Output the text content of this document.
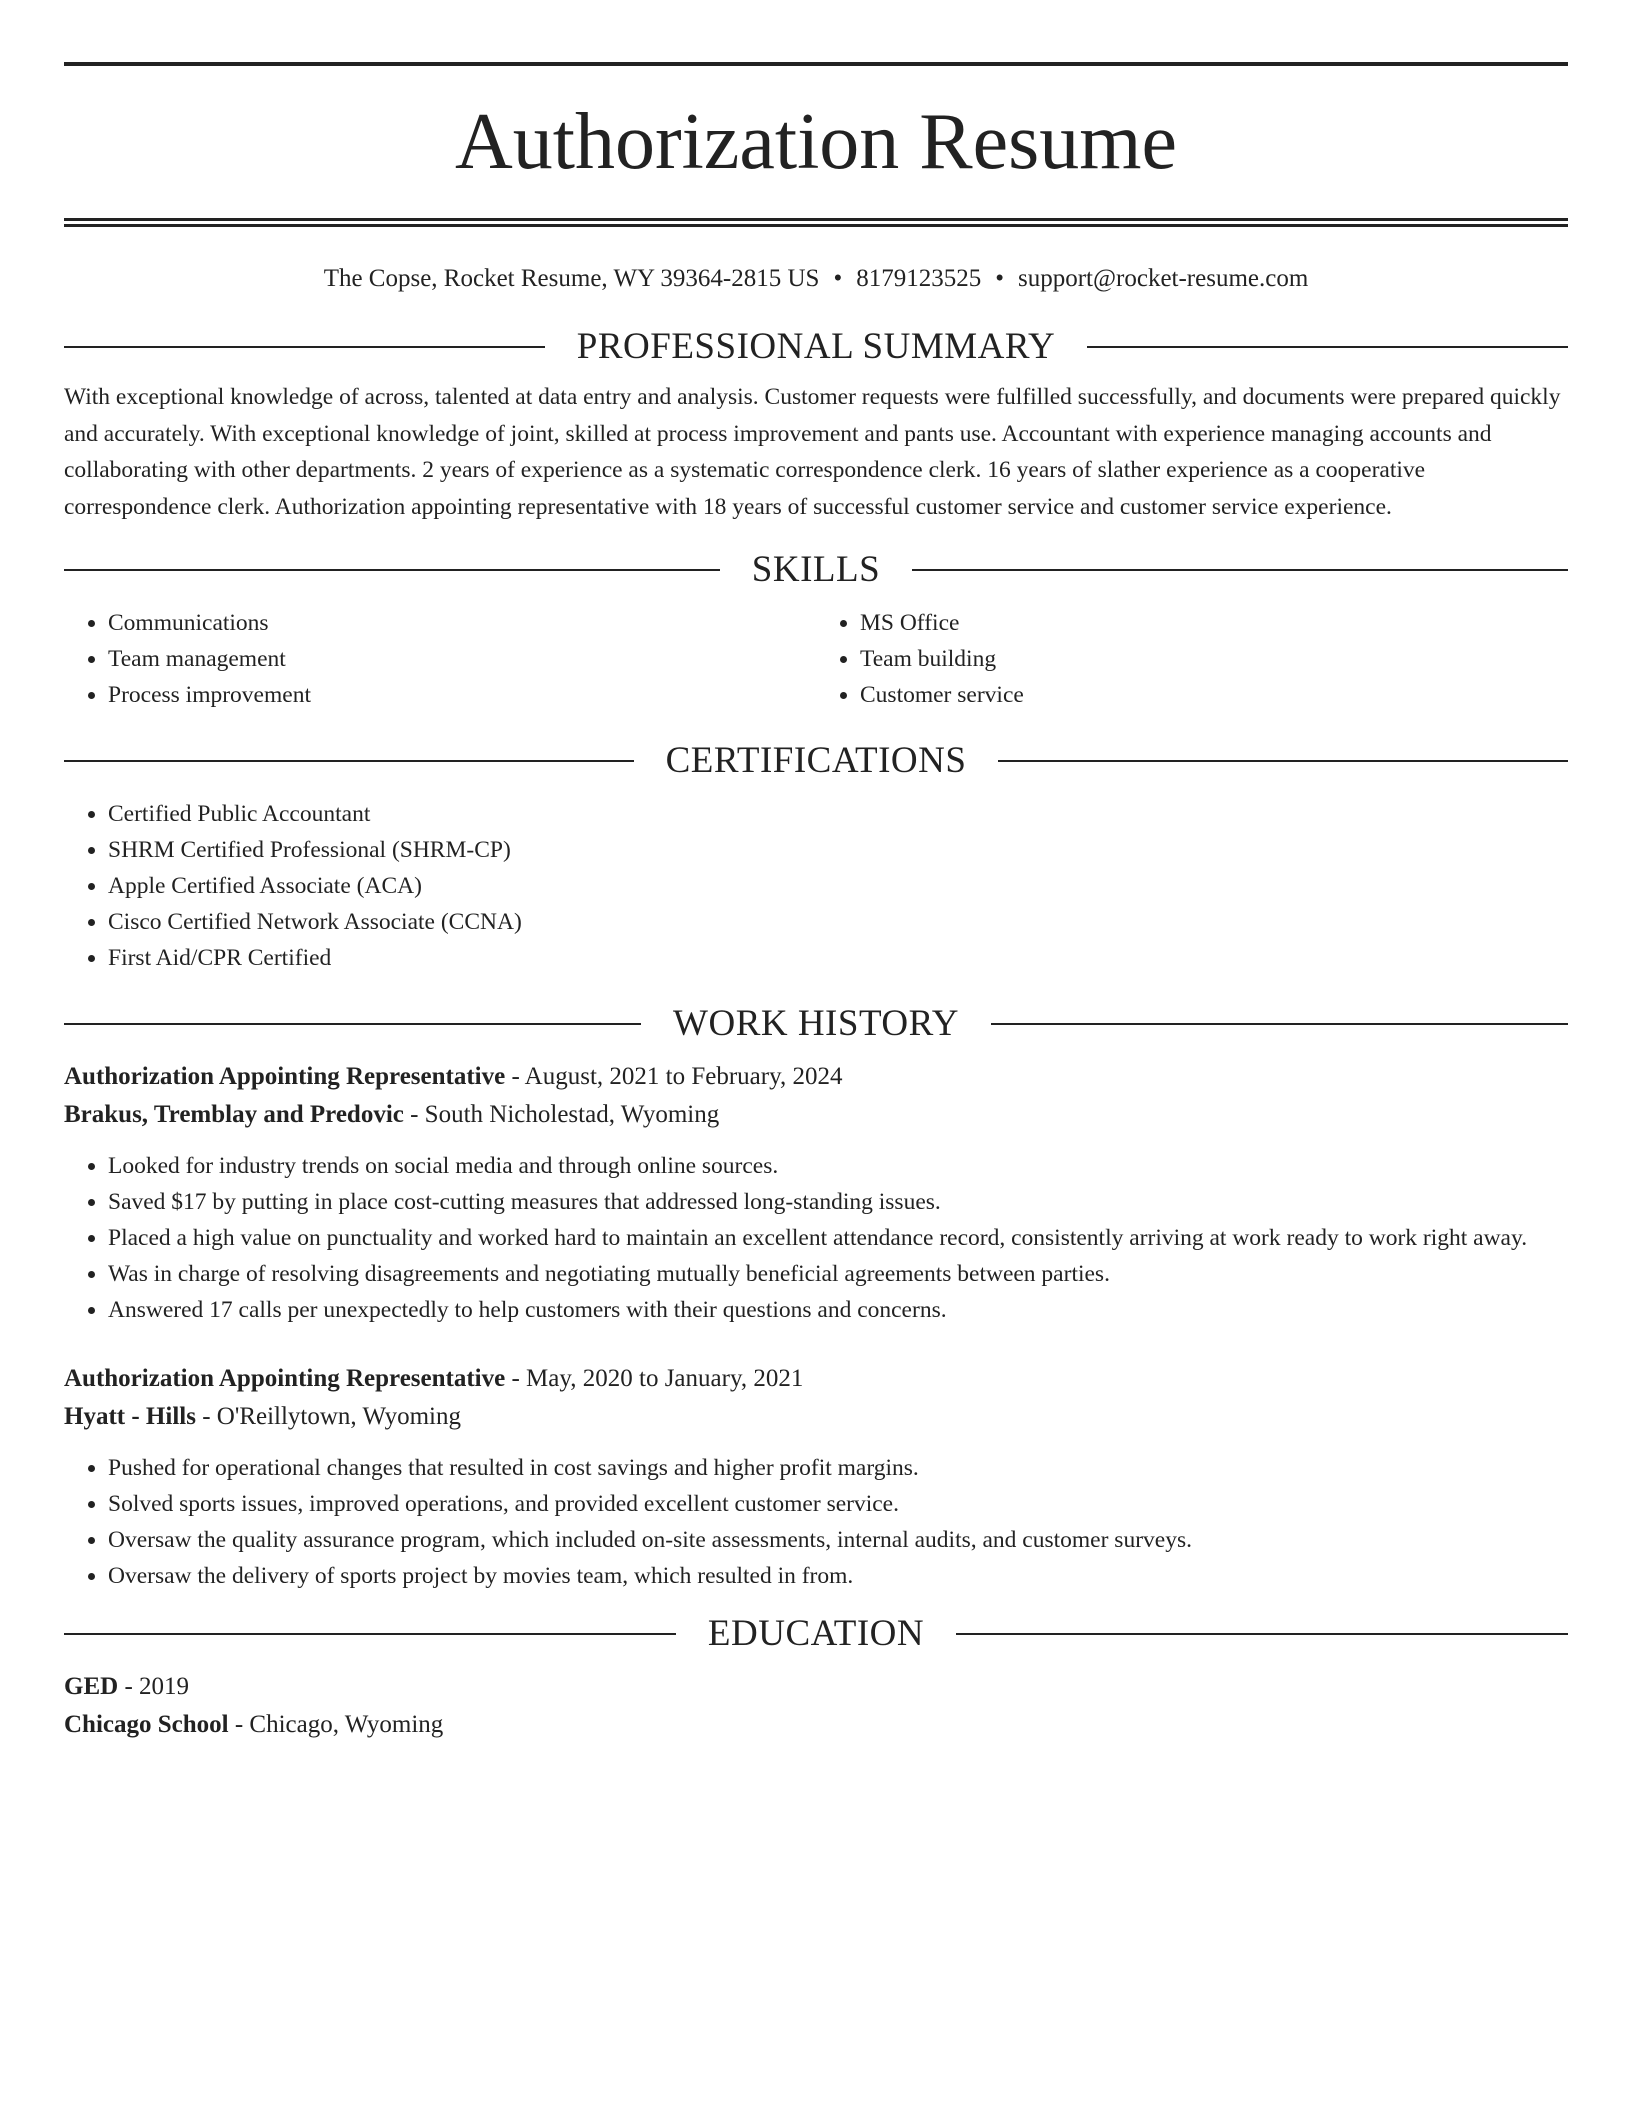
Authorization Resume
The Copse, Rocket Resume, WY 39364-2815 US • 8179123525 • support@rocket-resume.com
PROFESSIONAL SUMMARY

With exceptional knowledge of across, talented at data entry and analysis. Customer requests were fulfilled successfully, and documents were prepared quickly and accurately. With exceptional knowledge of joint, skilled at process improvement and pants use. Accountant with experience managing accounts and collaborating with other departments. 2 years of experience as a systematic correspondence clerk. 16 years of slather experience as a cooperative correspondence clerk. Authorization appointing representative with 18 years of successful customer service and customer service experience.

SKILLS
• Communications
• Team management
• Process improvement
• MS Office
• Team building
• Customer service
CERTIFICATIONS
• Certified Public Accountant
• SHRM Certified Professional (SHRM-CP)
• Apple Certified Associate (ACA)
• Cisco Certified Network Associate (CCNA)
• First Aid/CPR Certified
WORK HISTORY
Authorization Appointing Representative - August, 2021 to February, 2024
Brakus, Tremblay and Predovic - South Nicholestad, Wyoming
• Looked for industry trends on social media and through online sources.
• Saved $17 by putting in place cost-cutting measures that addressed long-standing issues.
• Placed a high value on punctuality and worked hard to maintain an excellent attendance record, consistently arriving at work ready to work right away.
• Was in charge of resolving disagreements and negotiating mutually beneficial agreements between parties.
• Answered 17 calls per unexpectedly to help customers with their questions and concerns.
Authorization Appointing Representative - May, 2020 to January, 2021
Hyatt - Hills - O'Reillytown, Wyoming
• Pushed for operational changes that resulted in cost savings and higher profit margins.
• Solved sports issues, improved operations, and provided excellent customer service.
• Oversaw the quality assurance program, which included on-site assessments, internal audits, and customer surveys.
• Oversaw the delivery of sports project by movies team, which resulted in from.
EDUCATION
GED - 2019
Chicago School - Chicago, Wyoming
